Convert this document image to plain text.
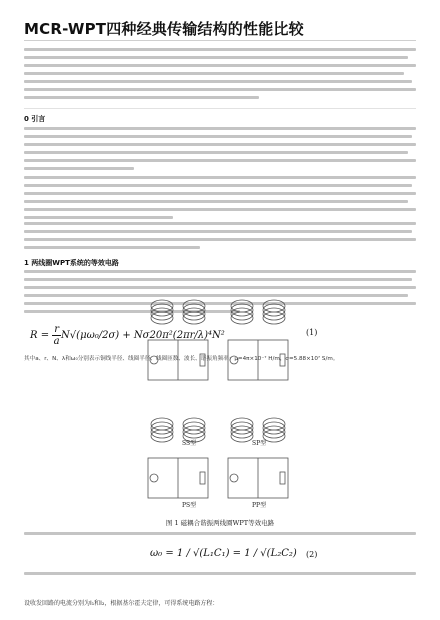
MCR-WPT四种经典传输结构的性能比较
0 引言
1 两线圈WPT系统的等效电路
$R = \frac{r}{a} N√(\mu\omega_0/2\sigma) + N\sigma 20\pi^2(2\pi r/\lambda)^4N^2$	(1)
其中a、r、N、λ和ω₀分别表示铜线半径、线圈半径、线圈匝数、波长、谐振角频率；μ=4π×10⁻⁷ H/m，σ=5.88×10⁷ S/m。
SS型	SP型
PS型	PP型
图 1 磁耦合谐振两线圈WPT等效电路
ω₀ = 1 / √(L₁C₁) = 1 / √(L₂C₂) (2)
设收发回路的电流分别为I₁和I₂，根据基尔霍夫定律，可得系统电路方程：
